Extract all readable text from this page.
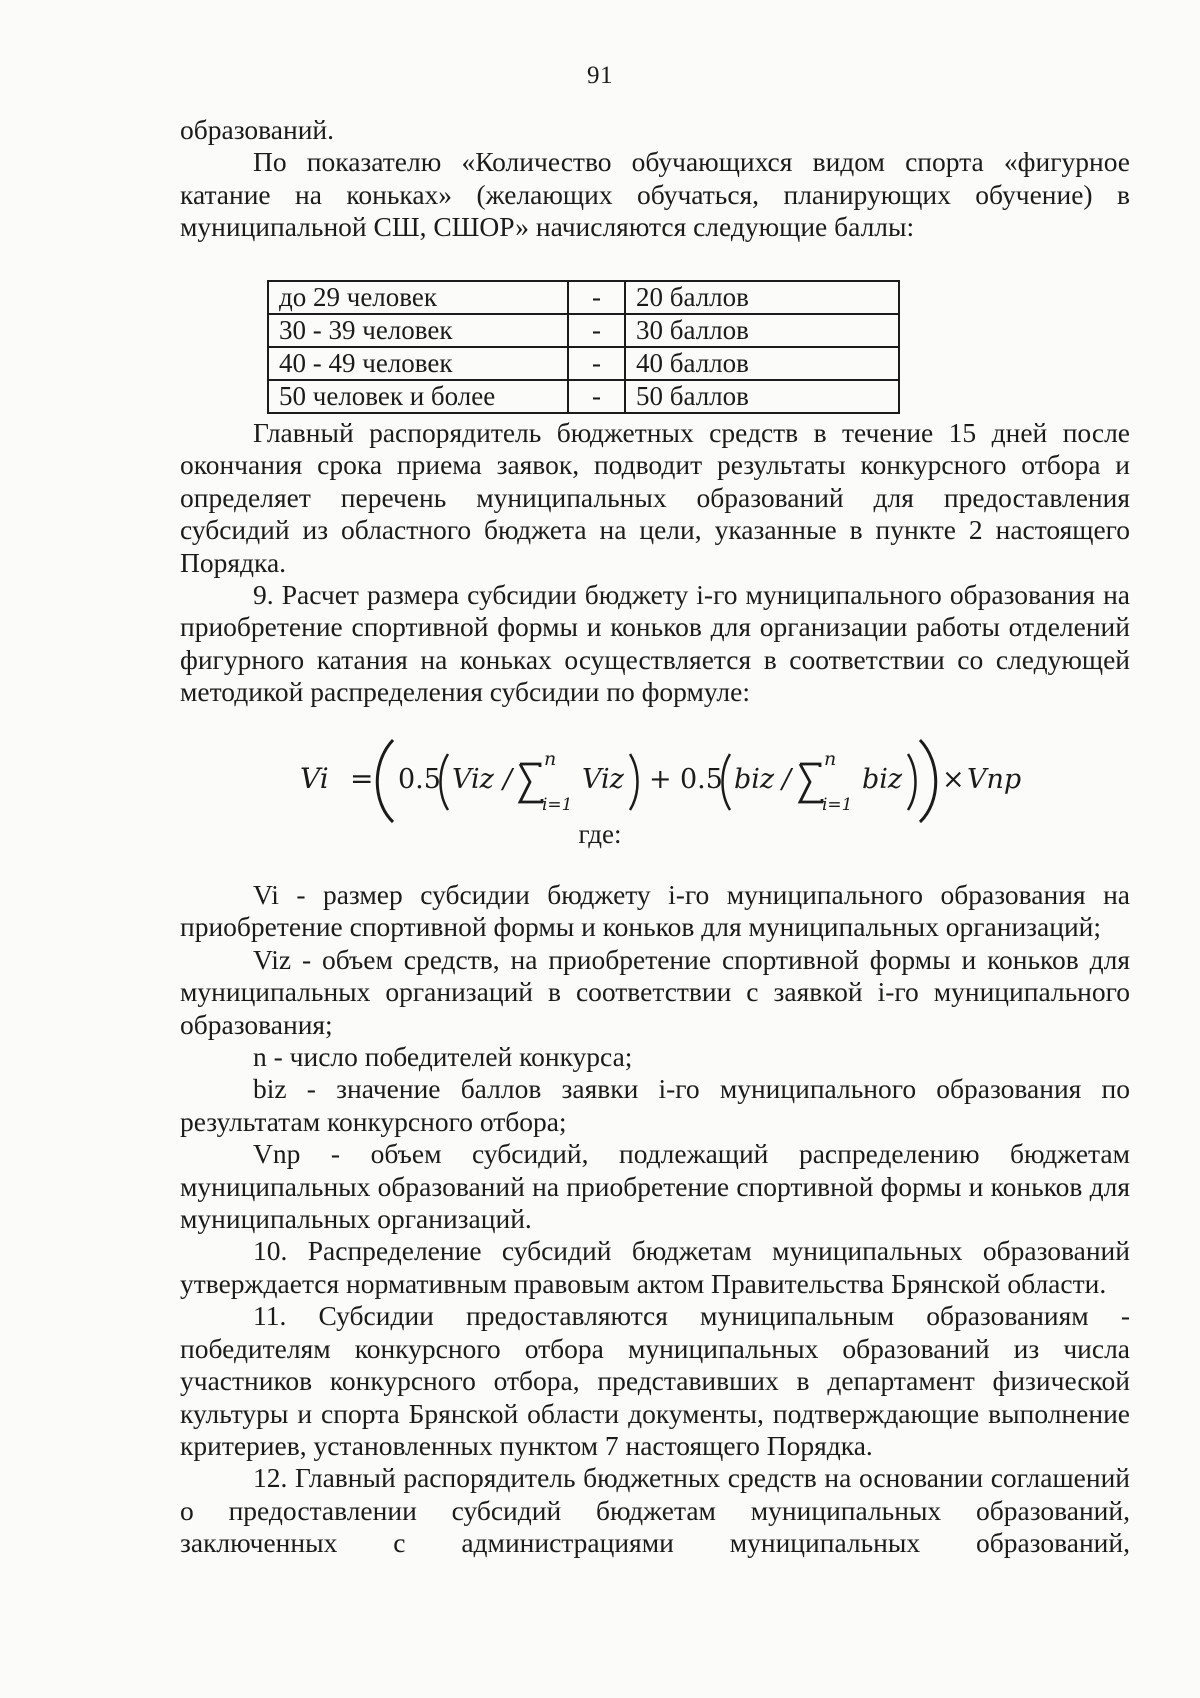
91

образований.

По показателю «Количество обучающихся видом спорта «фигурное катание на коньках» (желающих обучаться, планирующих обучение) в муниципальной СШ, СШОР» начисляются следующие баллы:

до 29 человек	-	20 баллов
30 - 39 человек	-	30 баллов
40 - 49 человек	-	40 баллов
50 человек и более	-	50 баллов

Главный распорядитель бюджетных средств в течение 15 дней после окончания срока приема заявок, подводит результаты конкурсного отбора и определяет перечень муниципальных образований для предоставления субсидий из областного бюджета на цели, указанные в пункте 2 настоящего Порядка.

9. Расчет размера субсидии бюджету i-го муниципального образования на приобретение спортивной формы и коньков для организации работы отделений фигурного катания на коньках осуществляется в соответствии со следующей методикой распределения субсидии по формуле:

Vi = 0.5 Viz /
n
i=1
Viz + 0.5 biz /
n
i=1
biz × Vnp
где:

Vi - размер субсидии бюджету i-го муниципального образования на приобретение спортивной формы и коньков для муниципальных организаций;

Viz - объем средств, на приобретение спортивной формы и коньков для муниципальных организаций в соответствии с заявкой i-го муниципального образования;

n - число победителей конкурса;

biz - значение баллов заявки i-го муниципального образования по результатам конкурсного отбора;

Vnp - объем субсидий, подлежащий распределению бюджетам муниципальных образований на приобретение спортивной формы и коньков для муниципальных организаций.

10. Распределение субсидий бюджетам муниципальных образований утверждается нормативным правовым актом Правительства Брянской области.

11. Субсидии предоставляются муниципальным образованиям - победителям конкурсного отбора муниципальных образований из числа участников конкурсного отбора, представивших в департамент физической культуры и спорта Брянской области документы, подтверждающие выполнение критериев, установленных пунктом 7 настоящего Порядка.

12. Главный распорядитель бюджетных средств на основании соглашений о предоставлении субсидий бюджетам муниципальных образований, заключенных с администрациями муниципальных образований,
